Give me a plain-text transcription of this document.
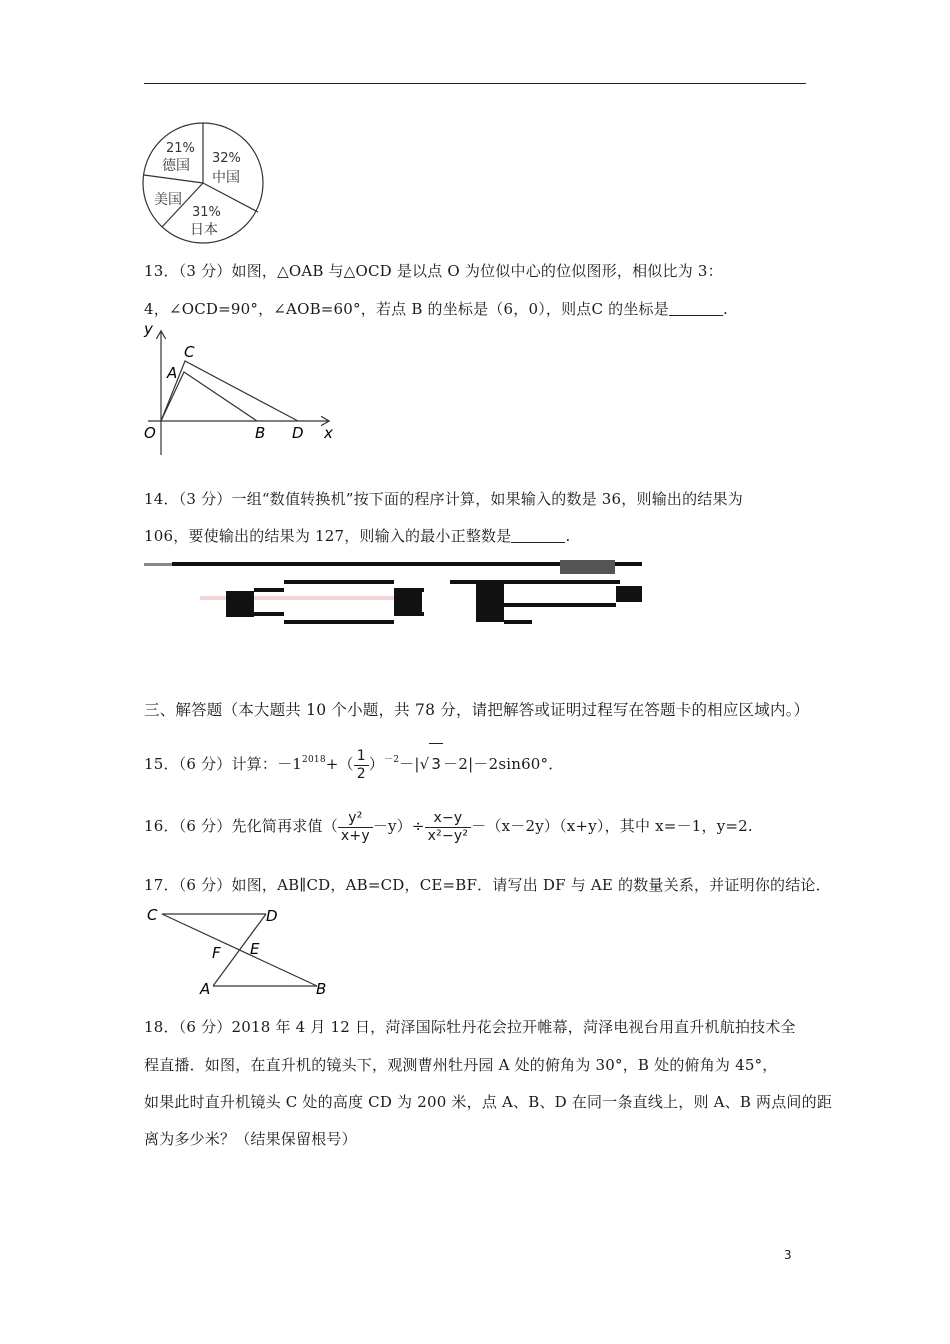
21%
德国 32%
中国
美国
31%
日本
13．（3 分）如图，△OAB 与△OCD 是以点 O 为位似中心的位似图形，相似比为 3：
4，∠OCD=90°，∠AOB=60°，若点 B 的坐标是（6，0），则点C 的坐标是	.
y
C
A
O	B D x
14．（3 分）一组“数值转换机”按下面的程序计算，如果输入的数是 36，则输出的结果为
106，要使输出的结果为 127，则输入的最小正整数是	.
三、解答题（本大题共 10 个小题，共 78 分，请把解答或证明过程写在答题卡的相应区域内。）
15．（6 分）计算：$-1^{2018}+( \frac{1}{2} )^{-2}-|√$ 3 －2|－2sin60°．
16．（6 分）先化简再求值（ $\frac{\text{y²}}{x+y} -y)\div \frac{x-y}{\text{x²−y²}} -(x-2y)(x+y)$，其中 x=－1，y=2.
17．（6 分）如图，AB∥CD，AB=CD，CE=BF．请写出 DF 与 AE 的数量关系，并证明你的结论．
C	D
F E
A	B
18．（6 分）2018 年 4 月 12 日，菏泽国际牡丹花会拉开帷幕，菏泽电视台用直升机航拍技术全
程直播．如图，在直升机的镜头下，观测曹州牡丹园 A 处的俯角为 30°，B 处的俯角为 45°，
如果此时直升机镜头 C 处的高度 CD 为 200 米，点 A、B、D 在同一条直线上，则 A、B 两点间的距
离为多少米？（结果保留根号）
3
